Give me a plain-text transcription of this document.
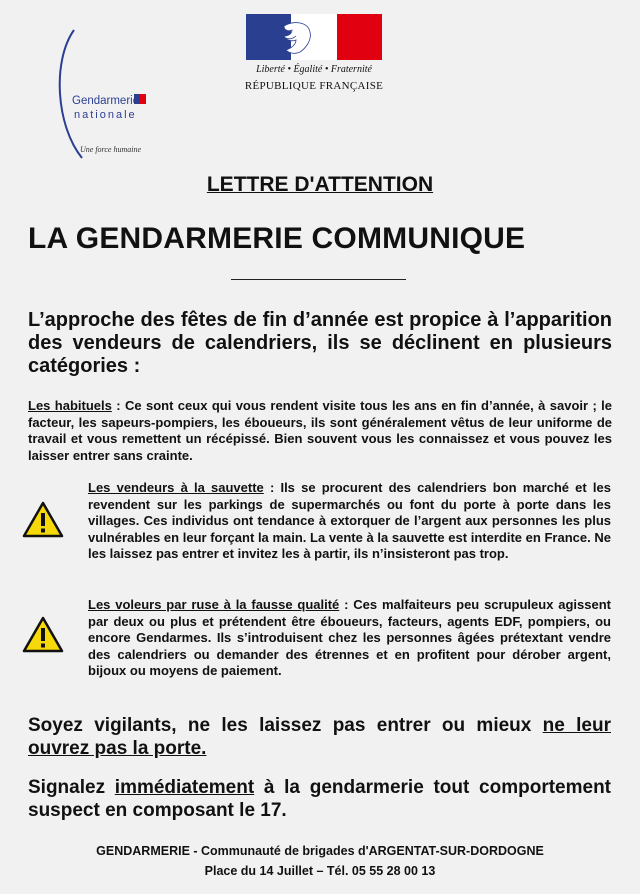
Gendarmerie
nationale
Une force humaine
Liberté • Égalité • Fraternité
RÉPUBLIQUE FRANÇAISE
LETTRE D'ATTENTION
LA GENDARMERIE COMMUNIQUE
L’approche des fêtes de fin d’année est propice à l’apparition des vendeurs de calendriers, ils se déclinent en plusieurs catégories :
Les habituels : Ce sont ceux qui vous rendent visite tous les ans en fin d’année, à savoir ; le facteur, les sapeurs-pompiers, les éboueurs, ils sont généralement vêtus de leur uniforme de travail et vous remettent un récépissé. Bien souvent vous les connaissez et vous pouvez les laisser entrer sans crainte.
Les vendeurs à la sauvette : Ils se procurent des calendriers bon marché et les revendent sur les parkings de supermarchés ou font du porte à porte dans les villages. Ces individus ont tendance à extorquer de l’argent aux personnes les plus vulnérables en leur forçant la main. La vente à la sauvette est interdite en France. Ne les laissez pas entrer et invitez les à partir, ils n’insisteront pas trop.
Les voleurs par ruse à la fausse qualité : Ces malfaiteurs peu scrupuleux agissent par deux ou plus et prétendent être éboueurs, facteurs, agents EDF, pompiers, ou encore Gendarmes. Ils s’introduisent chez les personnes âgées prétextant vendre des calendriers ou demander des étrennes et en profitent pour dérober argent, bijoux ou moyens de paiement.
Soyez vigilants, ne les laissez pas entrer ou mieux ne leur ouvrez pas la porte.
Signalez immédiatement à la gendarmerie tout comportement suspect en composant le 17.
GENDARMERIE - Communauté de brigades d'ARGENTAT-SUR-DORDOGNE
Place du 14 Juillet – Tél. 05 55 28 00 13
